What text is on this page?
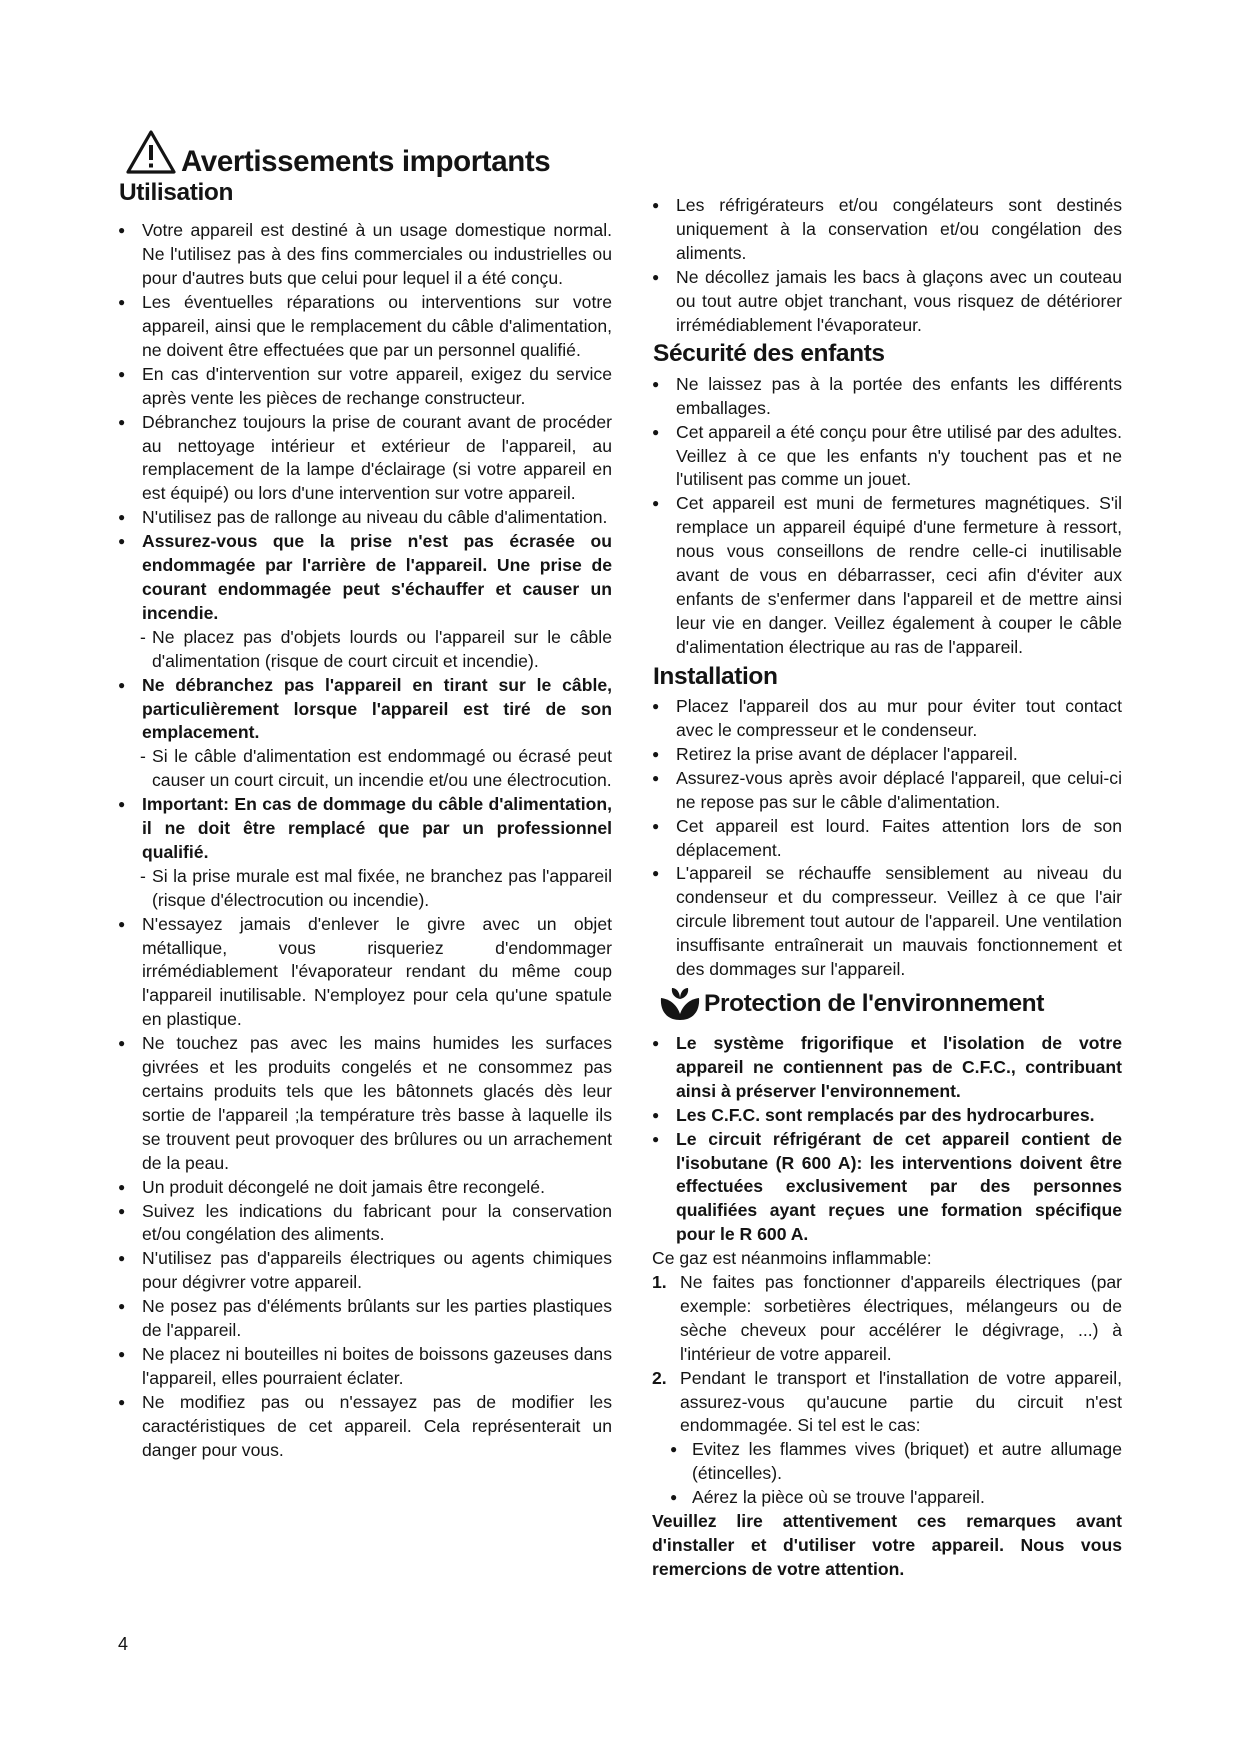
Avertissements importants
Utilisation
● Votre appareil est destiné à un usage domestique normal. Ne l'utilisez pas à des fins commerciales ou industrielles ou pour d'autres buts que celui pour lequel il a été conçu.
● Les éventuelles réparations ou interventions sur votre appareil, ainsi que le remplacement du câble d'alimentation, ne doivent être effectuées que par un personnel qualifié.
● En cas d'intervention sur votre appareil, exigez du service après vente les pièces de rechange constructeur.
● Débranchez toujours la prise de courant avant de procéder au nettoyage intérieur et extérieur de l'appareil, au remplacement de la lampe d'éclairage (si votre appareil en est équipé) ou lors d'une intervention sur votre appareil.
● N'utilisez pas de rallonge au niveau du câble d'alimentation.
● Assurez-vous que la prise n'est pas écrasée ou endommagée par l'arrière de l'appareil. Une prise de courant endommagée peut s'échauffer et causer un incendie.
- Ne placez pas d'objets lourds ou l'appareil sur le câble d'alimentation (risque de court circuit et incendie).
● Ne débranchez pas l'appareil en tirant sur le câble, particulièrement lorsque l'appareil est tiré de son emplacement.
- Si le câble d'alimentation est endommagé ou écrasé peut causer un court circuit, un incendie et/ou une électrocution.
● Important: En cas de dommage du câble d'alimentation, il ne doit être remplacé que par un professionnel qualifié.
- Si la prise murale est mal fixée, ne branchez pas l'appareil (risque d'électrocution ou incendie).
● N'essayez jamais d'enlever le givre avec un objet métallique, vous risqueriez d'endommager irrémédiablement l'évaporateur rendant du même coup l'appareil inutilisable. N'employez pour cela qu'une spatule en plastique.
● Ne touchez pas avec les mains humides les surfaces givrées et les produits congelés et ne consommez pas certains produits tels que les bâtonnets glacés dès leur sortie de l'appareil ;la température très basse à laquelle ils se trouvent peut provoquer des brûlures ou un arrachement de la peau.
● Un produit décongelé ne doit jamais être recongelé.
● Suivez les indications du fabricant pour la conservation et/ou congélation des aliments.
● N'utilisez pas d'appareils électriques ou agents chimiques pour dégivrer votre appareil.
● Ne posez pas d'éléments brûlants sur les parties plastiques de l'appareil.
● Ne placez ni bouteilles ni boites de boissons gazeuses dans l'appareil, elles pourraient éclater.
● Ne modifiez pas ou n'essayez pas de modifier les caractéristiques de cet appareil. Cela représenterait un danger pour vous.
● Les réfrigérateurs et/ou congélateurs sont destinés uniquement à la conservation et/ou congélation des aliments.
● Ne décollez jamais les bacs à glaçons avec un couteau ou tout autre objet tranchant, vous risquez de détériorer irrémédiablement l'évaporateur.
Sécurité des enfants
● Ne laissez pas à la portée des enfants les différents emballages.
● Cet appareil a été conçu pour être utilisé par des adultes. Veillez à ce que les enfants n'y touchent pas et ne l'utilisent pas comme un jouet.
● Cet appareil est muni de fermetures magnétiques. S'il remplace un appareil équipé d'une fermeture à ressort, nous vous conseillons de rendre celle-ci inutilisable avant de vous en débarrasser, ceci afin d'éviter aux enfants de s'enfermer dans l'appareil et de mettre ainsi leur vie en danger. Veillez également à couper le câble d'alimentation électrique au ras de l'appareil.
Installation
● Placez l'appareil dos au mur pour éviter tout contact avec le compresseur et le condenseur.
● Retirez la prise avant de déplacer l'appareil.
● Assurez-vous après avoir déplacé l'appareil, que celui-ci ne repose pas sur le câble d'alimentation.
● Cet appareil est lourd. Faites attention lors de son déplacement.
● L'appareil se réchauffe sensiblement au niveau du condenseur et du compresseur. Veillez à ce que l'air circule librement tout autour de l'appareil. Une ventilation insuffisante entraînerait un mauvais fonctionnement et des dommages sur l'appareil.
Protection de l'environnement
● Le système frigorifique et l'isolation de votre appareil ne contiennent pas de C.F.C., contribuant ainsi à préserver l'environnement.
● Les C.F.C. sont remplacés par des hydrocarbures.
● Le circuit réfrigérant de cet appareil contient de l'isobutane (R 600 A): les interventions doivent être effectuées exclusivement par des personnes qualifiées ayant reçues une formation spécifique pour le R 600 A.

Ce gaz est néanmoins inflammable:

1. Ne faites pas fonctionner d'appareils électriques (par exemple: sorbetières électriques, mélangeurs ou de sèche cheveux pour accélérer le dégivrage, ...) à l'intérieur de votre appareil.
2. Pendant le transport et l'installation de votre appareil, assurez-vous qu'aucune partie du circuit n'est endommagée. Si tel est le cas:
● Evitez les flammes vives (briquet) et autre allumage (étincelles).
● Aérez la pièce où se trouve l'appareil.

Veuillez lire attentivement ces remarques avant d'installer et d'utiliser votre appareil. Nous vous remercions de votre attention.

4
